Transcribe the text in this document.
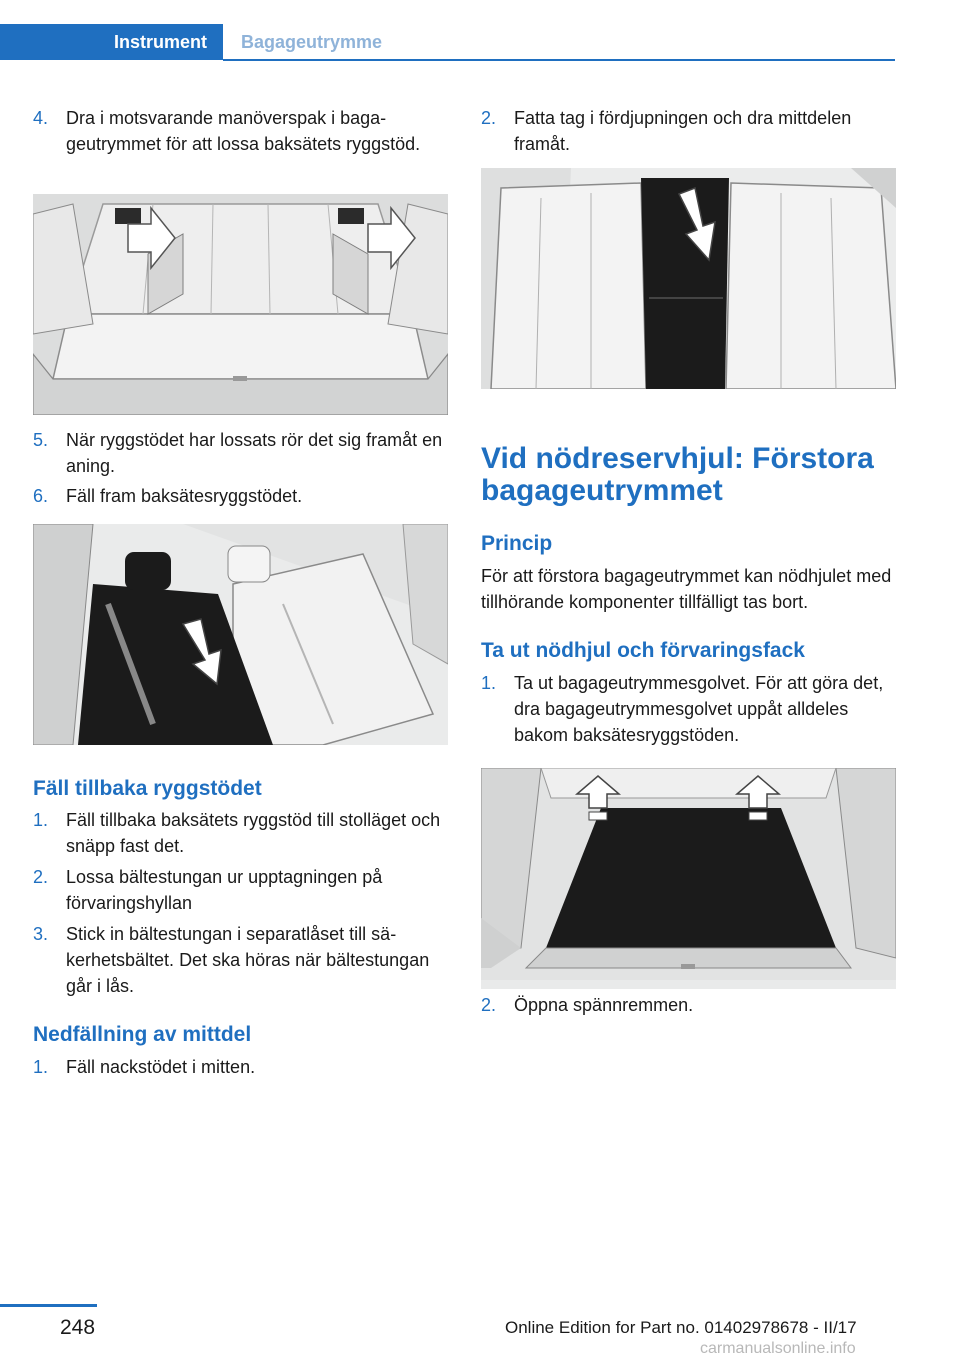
Instrument	Bagageutrymme
4. Dra i motsvarande manöverspak i bagageutrymmet för att lossa baksätets ryggstöd.
5. När ryggstödet har lossats rör det sig framåt en aning.
6. Fäll fram baksätesryggstödet.
Fäll tillbaka ryggstödet
1. Fäll tillbaka baksätets ryggstöd till stolläget och snäpp fast det.
2. Lossa bältestungan ur upptagningen på förvaringshyllan
3. Stick in bältestungan i separatlåset till säkerhetsbältet. Det ska höras när bältestungan går i lås.
Nedfällning av mittdel
1. Fäll nackstödet i mitten.
2. Fatta tag i fördjupningen och dra mittdelen framåt.
Vid nödreservhjul: Förstora bagageutrymmet
Princip
För att förstora bagageutrymmet kan nödhjulet med tillhörande komponenter tillfälligt tas bort.
Ta ut nödhjul och förvaringsfack
1. Ta ut bagageutrymmesgolvet. För att göra det, dra bagageutrymmesgolvet uppåt alldeles bakom baksätesryggstöden.
2. Öppna spännremmen.
248	Online Edition for Part no. 01402978678 - II/17
carmanualsonline.info
